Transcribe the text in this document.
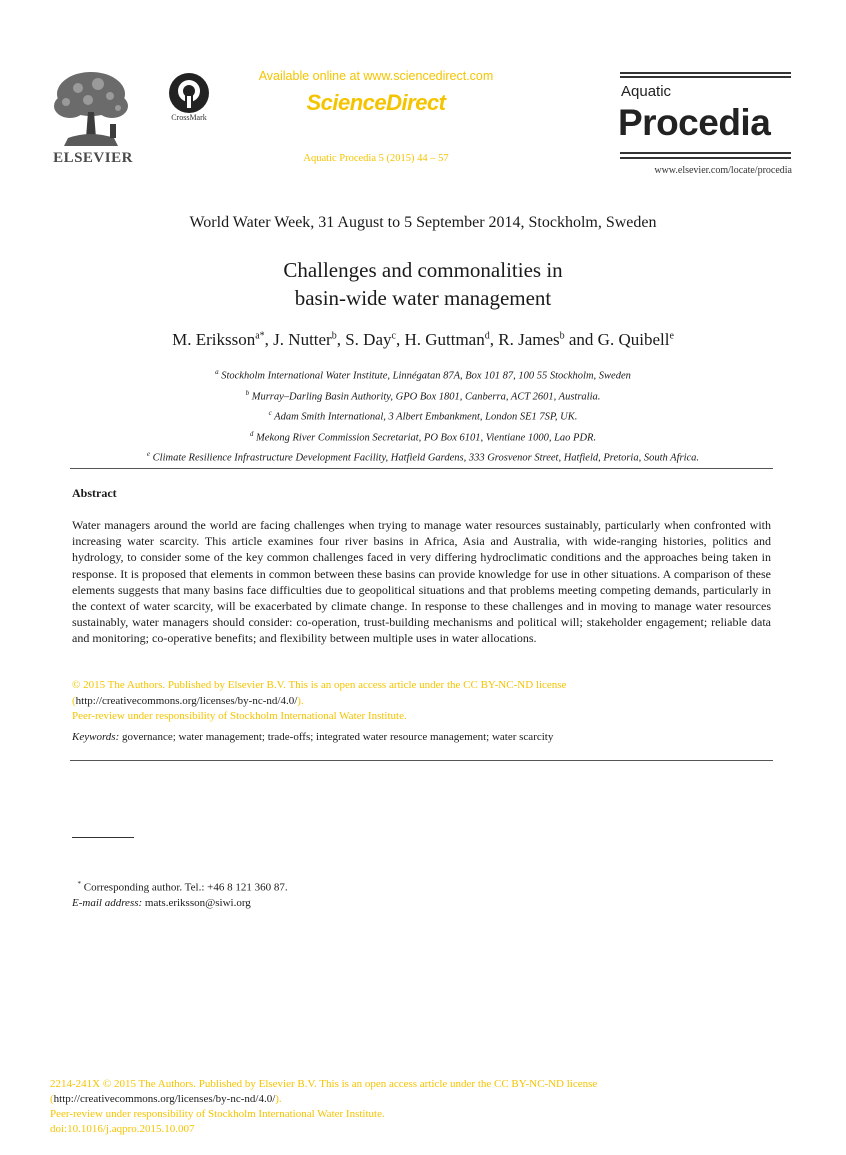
ELSEVIER
CrossMark
Available online at www.sciencedirect.com
ScienceDirect
Aquatic Procedia 5 (2015) 44 – 57
Aquatic
Procedia
www.elsevier.com/locate/procedia
World Water Week, 31 August to 5 September 2014, Stockholm, Sweden
Challenges and commonalities in
basin-wide water management
M. Eriksson$^{a*}$, J. Nutter$^b$, S. Day$^c$, H. Guttman$^d$, R. James$^b$ and G. Quibell$^e$
$^a$ Stockholm International Water Institute, Linnégatan 87A, Box 101 87, 100 55 Stockholm, Sweden
$^b$ Murray–Darling Basin Authority, GPO Box 1801, Canberra, ACT 2601, Australia.
$^c$ Adam Smith International, 3 Albert Embankment, London SE1 7SP, UK.
$^d$ Mekong River Commission Secretariat, PO Box 6101, Vientiane 1000, Lao PDR.
$^e$ Climate Resilience Infrastructure Development Facility, Hatfield Gardens, 333 Grosvenor Street, Hatfield, Pretoria, South Africa.
Abstract
Water managers around the world are facing challenges when trying to manage water resources sustainably, particularly when confronted with increasing water scarcity. This article examines four river basins in Africa, Asia and Australia, with wide-ranging histories, politics and hydrology, to consider some of the key common challenges faced in very differing hydroclimatic conditions and the approaches being taken in response. It is proposed that elements in common between these basins can provide knowledge for use in other situations. A comparison of these elements suggests that many basins face difficulties due to geopolitical situations and that problems meeting competing demands, particularly in the context of water scarcity, will be exacerbated by climate change. In response to these challenges and in moving to manage water resources sustainably, water managers should consider: co-operation, trust-building mechanisms and political will; stakeholder engagement; reliable data and monitoring; co-operative benefits; and flexibility between multiple uses in water allocations.
© 2015 The Authors. Published by Elsevier B.V. This is an open access article under the CC BY-NC-ND license
(http://creativecommons.org/licenses/by-nc-nd/4.0/).
Peer-review under responsibility of Stockholm International Water Institute.
Keywords: governance; water management; trade-offs; integrated water resource management; water scarcity
* Corresponding author. Tel.: +46 8 121 360 87.
E-mail address: mats.eriksson@siwi.org
2214-241X © 2015 The Authors. Published by Elsevier B.V. This is an open access article under the CC BY-NC-ND license
(http://creativecommons.org/licenses/by-nc-nd/4.0/).
Peer-review under responsibility of Stockholm International Water Institute.
doi:10.1016/j.aqpro.2015.10.007
